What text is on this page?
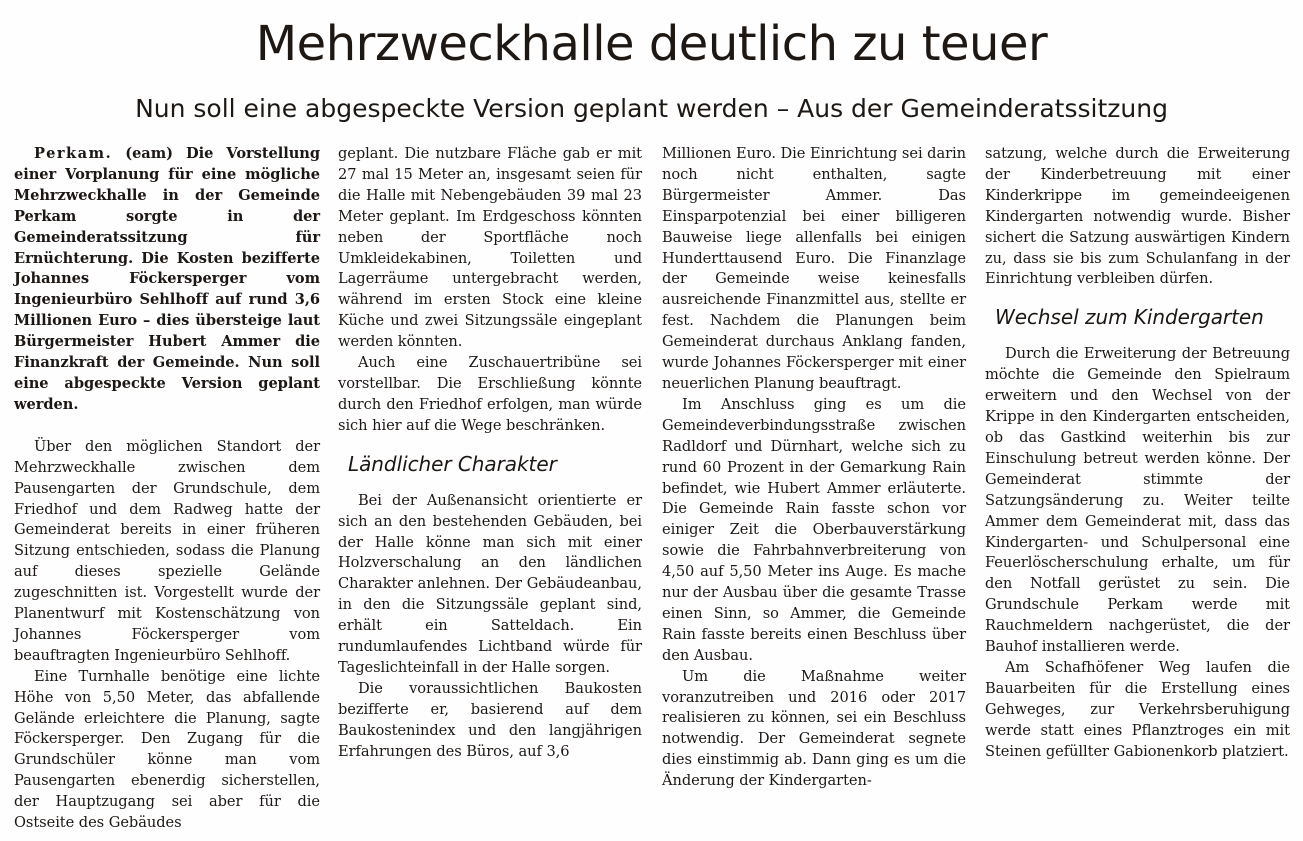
Mehrzweckhalle deutlich zu teuer
Nun soll eine abgespeckte Version geplant werden – Aus der Gemeinderatssitzung

Perkam. (eam) Die Vorstellung einer Vorplanung für eine mögliche Mehrzweckhalle in der Gemeinde Perkam sorgte in der Gemeinderatssitzung für Ernüchterung. Die Kosten bezifferte Johannes Föckersperger vom Ingenieurbüro Sehlhoff auf rund 3,6 Millionen Euro – dies übersteige laut Bürgermeister Hubert Ammer die Finanzkraft der Gemeinde. Nun soll eine abgespeckte Version geplant werden.

Über den möglichen Standort der Mehrzweckhalle zwischen dem Pausengarten der Grundschule, dem Friedhof und dem Radweg hatte der Gemeinderat bereits in einer früheren Sitzung entschieden, sodass die Planung auf dieses spezielle Gelände zugeschnitten ist. Vorgestellt wurde der Planentwurf mit Kostenschätzung von Johannes Föckersperger vom beauftragten Ingenieurbüro Sehlhoff.

Eine Turnhalle benötige eine lichte Höhe von 5,50 Meter, das abfallende Gelände erleichtere die Planung, sagte Föckersperger. Den Zugang für die Grundschüler könne man vom Pausengarten ebenerdig sicherstellen, der Hauptzugang sei aber für die Ostseite des Gebäudes

geplant. Die nutzbare Fläche gab er mit 27 mal 15 Meter an, insgesamt seien für die Halle mit Nebengebäuden 39 mal 23 Meter geplant. Im Erdgeschoss könnten neben der Sportfläche noch Umkleidekabinen, Toiletten und Lagerräume untergebracht werden, während im ersten Stock eine kleine Küche und zwei Sitzungssäle eingeplant werden könnten.

Auch eine Zuschauertribüne sei vorstellbar. Die Erschließung könnte durch den Friedhof erfolgen, man würde sich hier auf die Wege beschränken.

Ländlicher Charakter

Bei der Außenansicht orientierte er sich an den bestehenden Gebäuden, bei der Halle könne man sich mit einer Holzverschalung an den ländlichen Charakter anlehnen. Der Gebäudeanbau, in den die Sitzungssäle geplant sind, erhält ein Satteldach. Ein rundumlaufendes Lichtband würde für Tageslichteinfall in der Halle sorgen.

Die voraussichtlichen Baukosten bezifferte er, basierend auf dem Baukostenindex und den langjährigen Erfahrungen des Büros, auf 3,6

Millionen Euro. Die Einrichtung sei darin noch nicht enthalten, sagte Bürgermeister Ammer. Das Einsparpotenzial bei einer billigeren Bauweise liege allenfalls bei einigen Hunderttausend Euro. Die Finanzlage der Gemeinde weise keinesfalls ausreichende Finanzmittel aus, stellte er fest. Nachdem die Planungen beim Gemeinderat durchaus Anklang fanden, wurde Johannes Föckersperger mit einer neuerlichen Planung beauftragt.

Im Anschluss ging es um die Gemeindeverbindungsstraße zwischen Radldorf und Dürnhart, welche sich zu rund 60 Prozent in der Gemarkung Rain befindet, wie Hubert Ammer erläuterte. Die Gemeinde Rain fasste schon vor einiger Zeit die Oberbauverstärkung sowie die Fahrbahnverbreiterung von 4,50 auf 5,50 Meter ins Auge. Es mache nur der Ausbau über die gesamte Trasse einen Sinn, so Ammer, die Gemeinde Rain fasste bereits einen Beschluss über den Ausbau.

Um die Maßnahme weiter voranzutreiben und 2016 oder 2017 realisieren zu können, sei ein Beschluss notwendig. Der Gemeinderat segnete dies einstimmig ab. Dann ging es um die Änderung der Kindergarten-

satzung, welche durch die Erweiterung der Kinderbetreuung mit einer Kinderkrippe im gemeindeeigenen Kindergarten notwendig wurde. Bisher sichert die Satzung auswärtigen Kindern zu, dass sie bis zum Schulanfang in der Einrichtung verbleiben dürfen.

Wechsel zum Kindergarten

Durch die Erweiterung der Betreuung möchte die Gemeinde den Spielraum erweitern und den Wechsel von der Krippe in den Kindergarten entscheiden, ob das Gastkind weiterhin bis zur Einschulung betreut werden könne. Der Gemeinderat stimmte der Satzungsänderung zu. Weiter teilte Ammer dem Gemeinderat mit, dass das Kindergarten- und Schulpersonal eine Feuerlöscherschulung erhalte, um für den Notfall gerüstet zu sein. Die Grundschule Perkam werde mit Rauchmeldern nachgerüstet, die der Bauhof installieren werde.

Am Schafhöfener Weg laufen die Bauarbeiten für die Erstellung eines Gehweges, zur Verkehrsberuhigung werde statt eines Pflanztroges ein mit Steinen gefüllter Gabionenkorb platziert.
